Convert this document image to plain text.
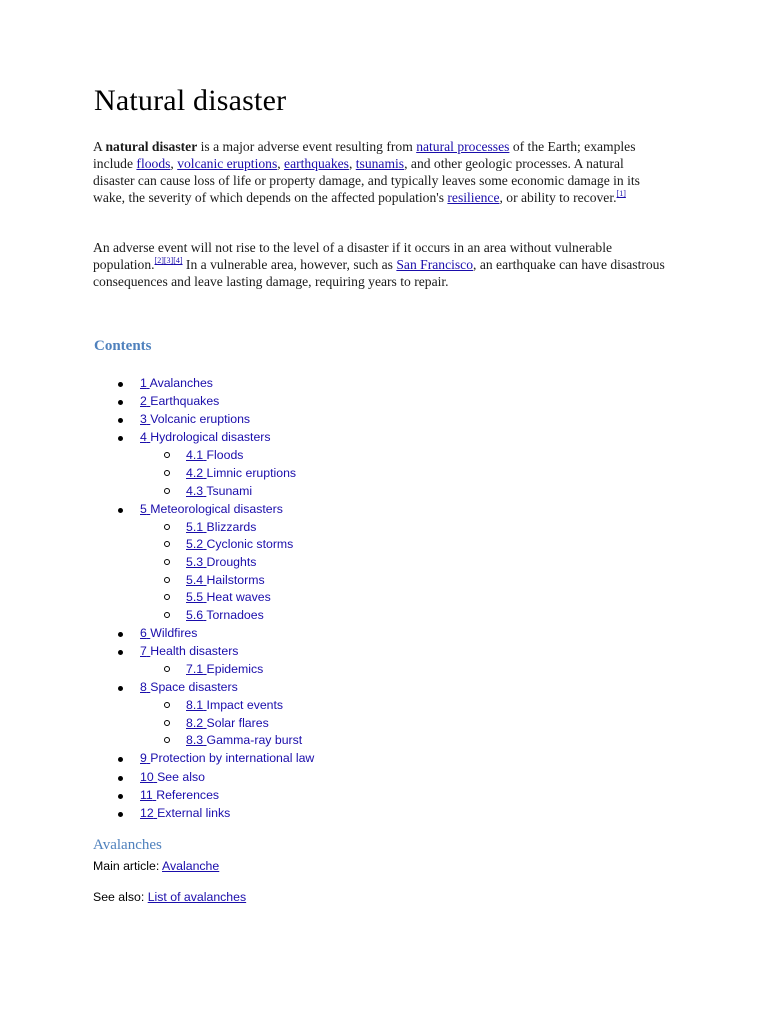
Natural disaster

A natural disaster is a major adverse event resulting from natural processes of the Earth; examples include floods, volcanic eruptions, earthquakes, tsunamis, and other geologic processes. A natural disaster can cause loss of life or property damage, and typically leaves some economic damage in its wake, the severity of which depends on the affected population's resilience, or ability to recover.[1]

An adverse event will not rise to the level of a disaster if it occurs in an area without vulnerable population.[2][3][4] In a vulnerable area, however, such as San Francisco, an earthquake can have disastrous consequences and leave lasting damage, requiring years to repair.

Contents
1 Avalanches
2 Earthquakes
3 Volcanic eruptions
4 Hydrological disasters
4.1 Floods
4.2 Limnic eruptions
4.3 Tsunami
5 Meteorological disasters
5.1 Blizzards
5.2 Cyclonic storms
5.3 Droughts
5.4 Hailstorms
5.5 Heat waves
5.6 Tornadoes
6 Wildfires
7 Health disasters
7.1 Epidemics
8 Space disasters
8.1 Impact events
8.2 Solar flares
8.3 Gamma-ray burst
9 Protection by international law
10 See also
11 References
12 External links
Avalanches

Main article: Avalanche

See also: List of avalanches
